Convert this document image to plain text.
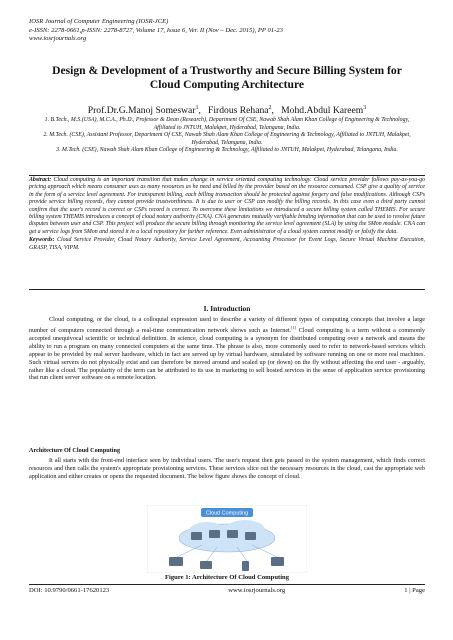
IOSR Journal of Computer Engineering (IOSR-JCE)
e-ISSN: 2278-0661,p-ISSN: 2278-8727, Volume 17, Issue 6, Ver. II (Nov – Dec. 2015), PP 01-23
www.iosrjournals.org
Design & Development of a Trustworthy and Secure Billing System for Cloud Computing Architecture
Prof.Dr.G.Manoj Someswar$^1$, Firdous Rehana$^2$, Mohd.Abdul Kareem$^3$
1. B.Tech., M.S.(USA), M.C.A., Ph.D., Professor & Dean (Research), Department Of CSE, Nawab Shah Alam Khan College of Engineering & Technology, Affiliated to JNTUH, Malakpet, Hyderabad, Telangana, India.
2. M.Tech. (CSE), Assistant Professor, Department Of CSE, Nawab Shah Alam Khan College of Engineering & Technology, Affiliated to JNTUH, Malakpet, Hyderabad, Telangana, India.
3. M.Tech. (CSE), Nawab Shah Alam Khan College of Engineering & Technology, Affiliated to JNTUH, Malakpet, Hyderabad, Telangana, India.
Abstract: Cloud computing is an important transition that makes change in service oriented computing technology. Cloud service provider follows pay-as-you-go pricing approach which means consumer uses as many resources as he need and billed by the provider based on the resource consumed. CSP give a quality of service in the form of a service level agreement. For transparent billing, each billing transaction should be protected against forgery and false modifications. Although CSPs provide service billing records, they cannot provide trustworthiness. It is due to user or CSP can modify the billing records. In this case even a third party cannot confirm that the user's record is correct or CSPs record is correct. To overcome these limitations we introduced a secure billing system called THEMIS. For secure billing system THEMIS introduces a concept of cloud notary authority (CNA). CNA generates mutually verifiable binding information that can be used to resolve future disputes between user and CSP. This project will produce the secure billing through monitoring the service level agreement (SLA) by using the SMon module. CNA can get a service logs from SMon and stored it in a local repository for further reference. Even administrator of a cloud system cannot modify or falsify the data.
Keywords: Cloud Service Provider, Cloud Notary Authority, Service Level Agreement, Accounting Processor for Event Logs, Secure Virtual Machine Execution, GRASP, TISA, VIPM.
I. Introduction
Cloud computing, or the cloud, is a colloquial expression used to describe a variety of different types of computing concepts that involve a large number of computers connected through a real-time communication network shows such as Internet.[1] Cloud computing is a term without a commonly accepted unequivocal scientific or technical definition. In science, cloud computing is a synonym for distributed computing over a network and means the ability to run a program on many connected computers at the same time. The phrase is also, more commonly used to refer to network-based services which appear to be provided by real server hardware, which in fact are served up by virtual hardware, simulated by software running on one or more real machines. Such virtual servers do not physically exist and can therefore be moved around and scaled up (or down) on the fly without affecting the end user - arguably, rather like a cloud. The popularity of the term can be attributed to its use in marketing to sell hosted services in the sense of application service provisioning that run client server software on a remote location.
Architecture Of Cloud Computing
It all starts with the front-end interface seen by individual users. The user's request then gets passed to the system management, which finds correct resources and then calls the system's appropriate provisioning services. These services slice out the necessary resources in the cloud, cast the appropriate web application and either creates or opens the requested document. The below figure shows the concept of cloud.
Cloud Computing
Figure 1: Architecture Of Cloud Computing
DOI: 10.9790/0661-17620123	www.iosrjournals.org	1 | Page
